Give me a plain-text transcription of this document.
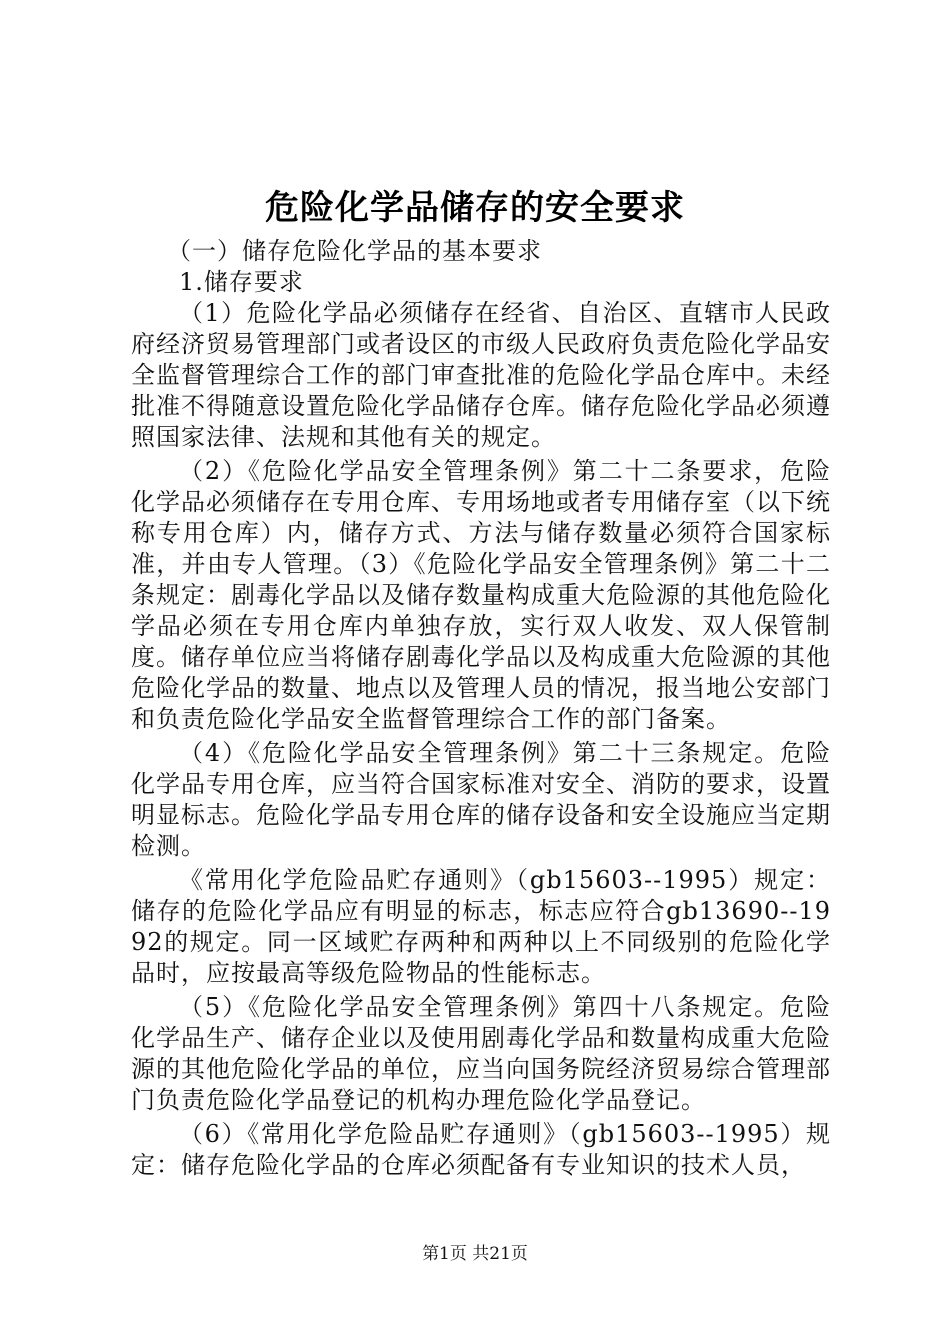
危险化学品储存的安全要求

（一）储存危险化学品的基本要求

1.储存要求

（1）危险化学品必须储存在经省、自治区、直辖市人民政府经济贸易管理部门或者设区的市级人民政府负责危险化学品安全监督管理综合工作的部门审查批准的危险化学品仓库中。未经批准不得随意设置危险化学品储存仓库。储存危险化学品必须遵照国家法律、法规和其他有关的规定。

（2）《危险化学品安全管理条例》第二十二条要求，危险化学品必须储存在专用仓库、专用场地或者专用储存室（以下统称专用仓库）内，储存方式、方法与储存数量必须符合国家标准，并由专人管理。（3）《危险化学品安全管理条例》第二十二条规定：剧毒化学品以及储存数量构成重大危险源的其他危险化学品必须在专用仓库内单独存放，实行双人收发、双人保管制度。储存单位应当将储存剧毒化学品以及构成重大危险源的其他危险化学品的数量、地点以及管理人员的情况，报当地公安部门和负责危险化学品安全监督管理综合工作的部门备案。

（4）《危险化学品安全管理条例》第二十三条规定。危险化学品专用仓库，应当符合国家标准对安全、消防的要求，设置明显标志。危险化学品专用仓库的储存设备和安全设施应当定期检测。

《常用化学危险品贮存通则》（gb15603--1995）规定：储存的危险化学品应有明显的标志，标志应符合gb13690--1992的规定。同一区域贮存两种和两种以上不同级别的危险化学品时，应按最高等级危险物品的性能标志。

（5）《危险化学品安全管理条例》第四十八条规定。危险化学品生产、储存企业以及使用剧毒化学品和数量构成重大危险源的其他危险化学品的单位，应当向国务院经济贸易综合管理部门负责危险化学品登记的机构办理危险化学品登记。

（6）《常用化学危险品贮存通则》（gb15603--1995）规定：储存危险化学品的仓库必须配备有专业知识的技术人员，

第1页 共21页
